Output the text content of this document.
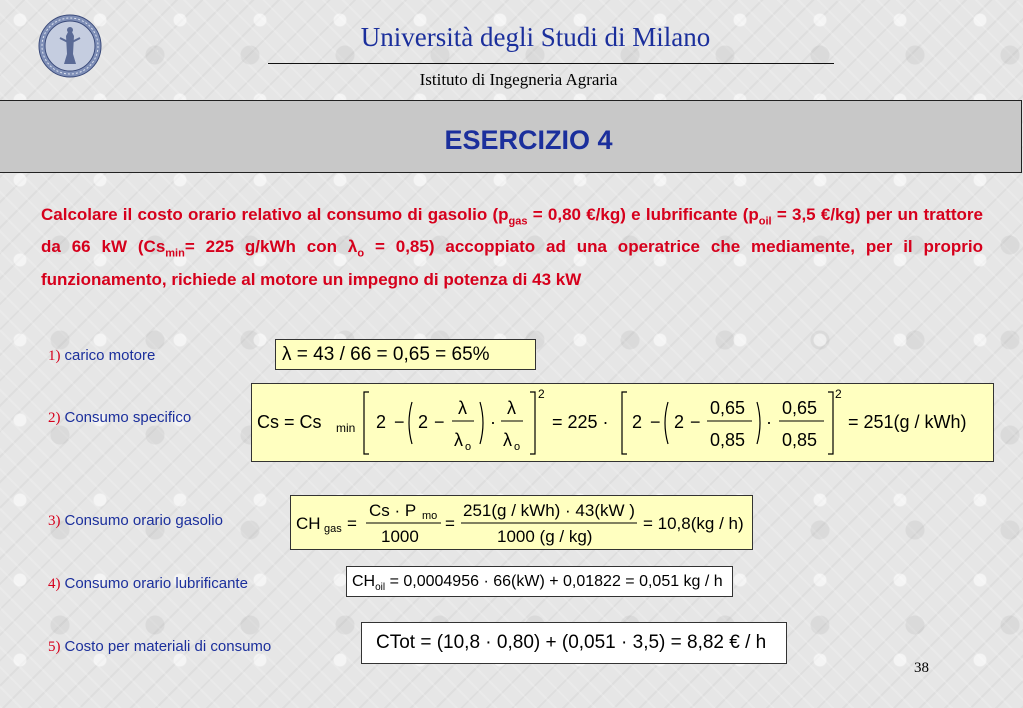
Università degli Studi di Milano
Istituto di Ingegneria Agraria
ESERCIZIO 4
Calcolare il costo orario relativo al consumo di gasolio ($p_{gas} = 0,80$ €/kg) e lubrificante ($p_{oil} = 3,5$ €/kg) per un trattore da 66 kW ($Cs_{min}= 225$ g/kWh con $\lambda_o = 0,85$) accoppiato ad una operatrice che mediamente, per il proprio funzionamento, richiede al motore un impegno di potenza di 43 kW
1) carico motore
2) Consumo specifico
3) Consumo orario gasolio
4) Consumo orario lubrificante
5) Costo per materiali di consumo
λ = 43 / 66 = 0,65 = 65%
Cs = Cs min 2 − 2 −
λ
λ o
·
λ
λ o
2
= 225 · 2 − 2 −
0,65
0,85
·
0,65
0,85
2
= 251(g / kWh)
CH gas =
Cs · P mo
1000
=
251(g / kWh) · 43(kW )
1000 (g / kg)
= 10,8(kg / h)
$CH_{oil} = 0,0004956 \cdot 66(kW) + 0,01822 = 0,051$ kg / h
CTot = (10,8 · 0,80) + (0,051 · 3,5) = 8,82 € / h
38
